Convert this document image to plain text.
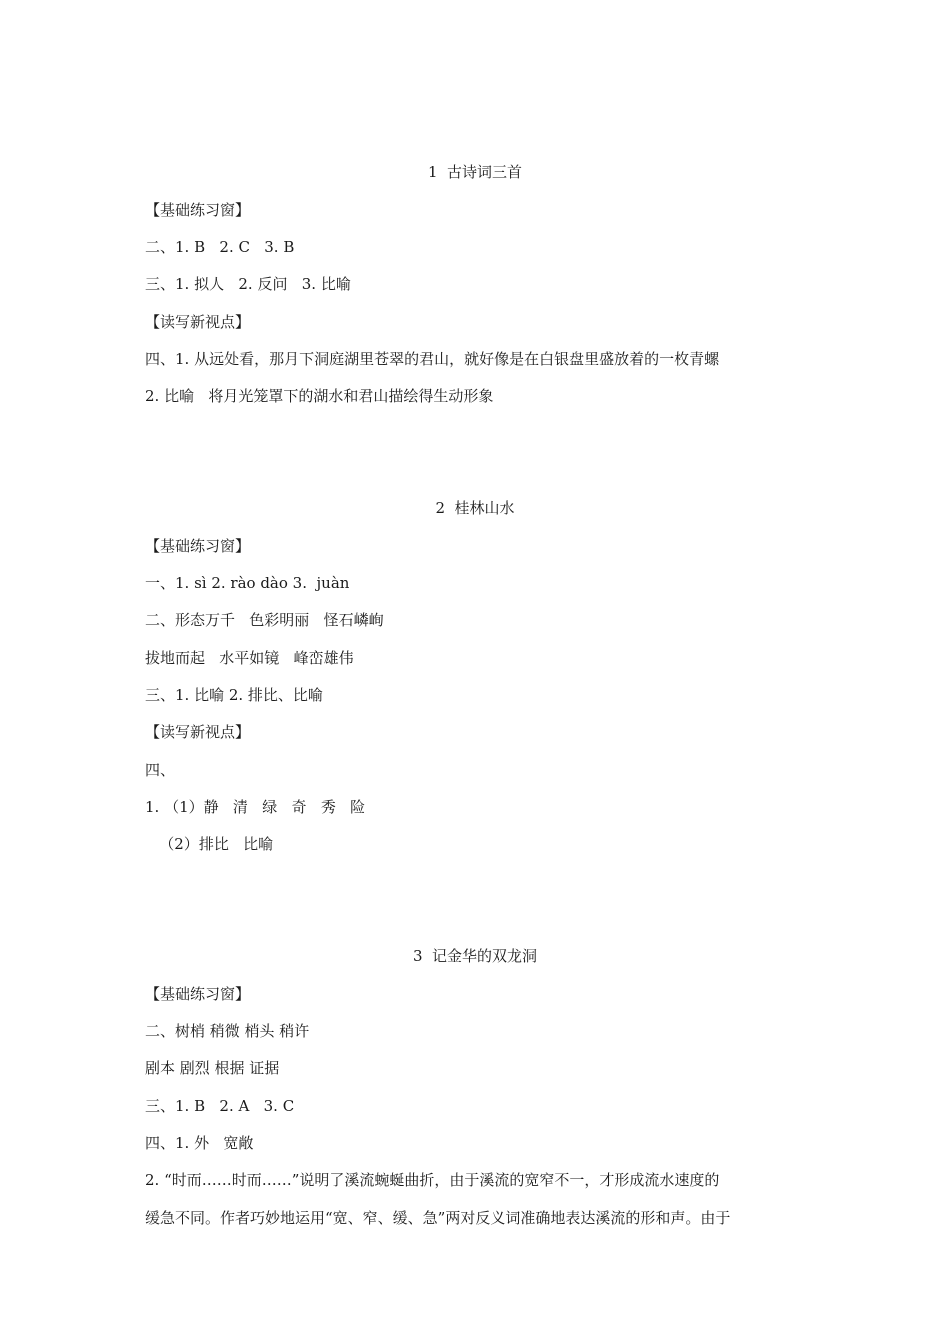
1  古诗词三首
【基础练习窗】
二、1. B   2. C   3. B
三、1. 拟人   2. 反问   3. 比喻
【读写新视点】
四、1. 从远处看，那月下洞庭湖里苍翠的君山，就好像是在白银盘里盛放着的一枚青螺
2. 比喻   将月光笼罩下的湖水和君山描绘得生动形象
2  桂林山水
【基础练习窗】
一、1. sì 2. rào dào 3.  juàn
二、形态万千   色彩明丽   怪石嶙峋
拔地而起   水平如镜   峰峦雄伟
三、1. 比喻 2. 排比、比喻
【读写新视点】
四、
1. （1）静   清   绿   奇   秀   险
（2）排比   比喻
3  记金华的双龙洞
【基础练习窗】
二、树梢 稍微 梢头 稍许
剧本 剧烈 根据 证据
三、1. B   2. A   3. C
四、1. 外   宽敞
2. “时而……时而……”说明了溪流蜿蜒曲折，由于溪流的宽窄不一，才形成流水速度的
缓急不同。作者巧妙地运用“宽、窄、缓、急”两对反义词准确地表达溪流的形和声。由于
